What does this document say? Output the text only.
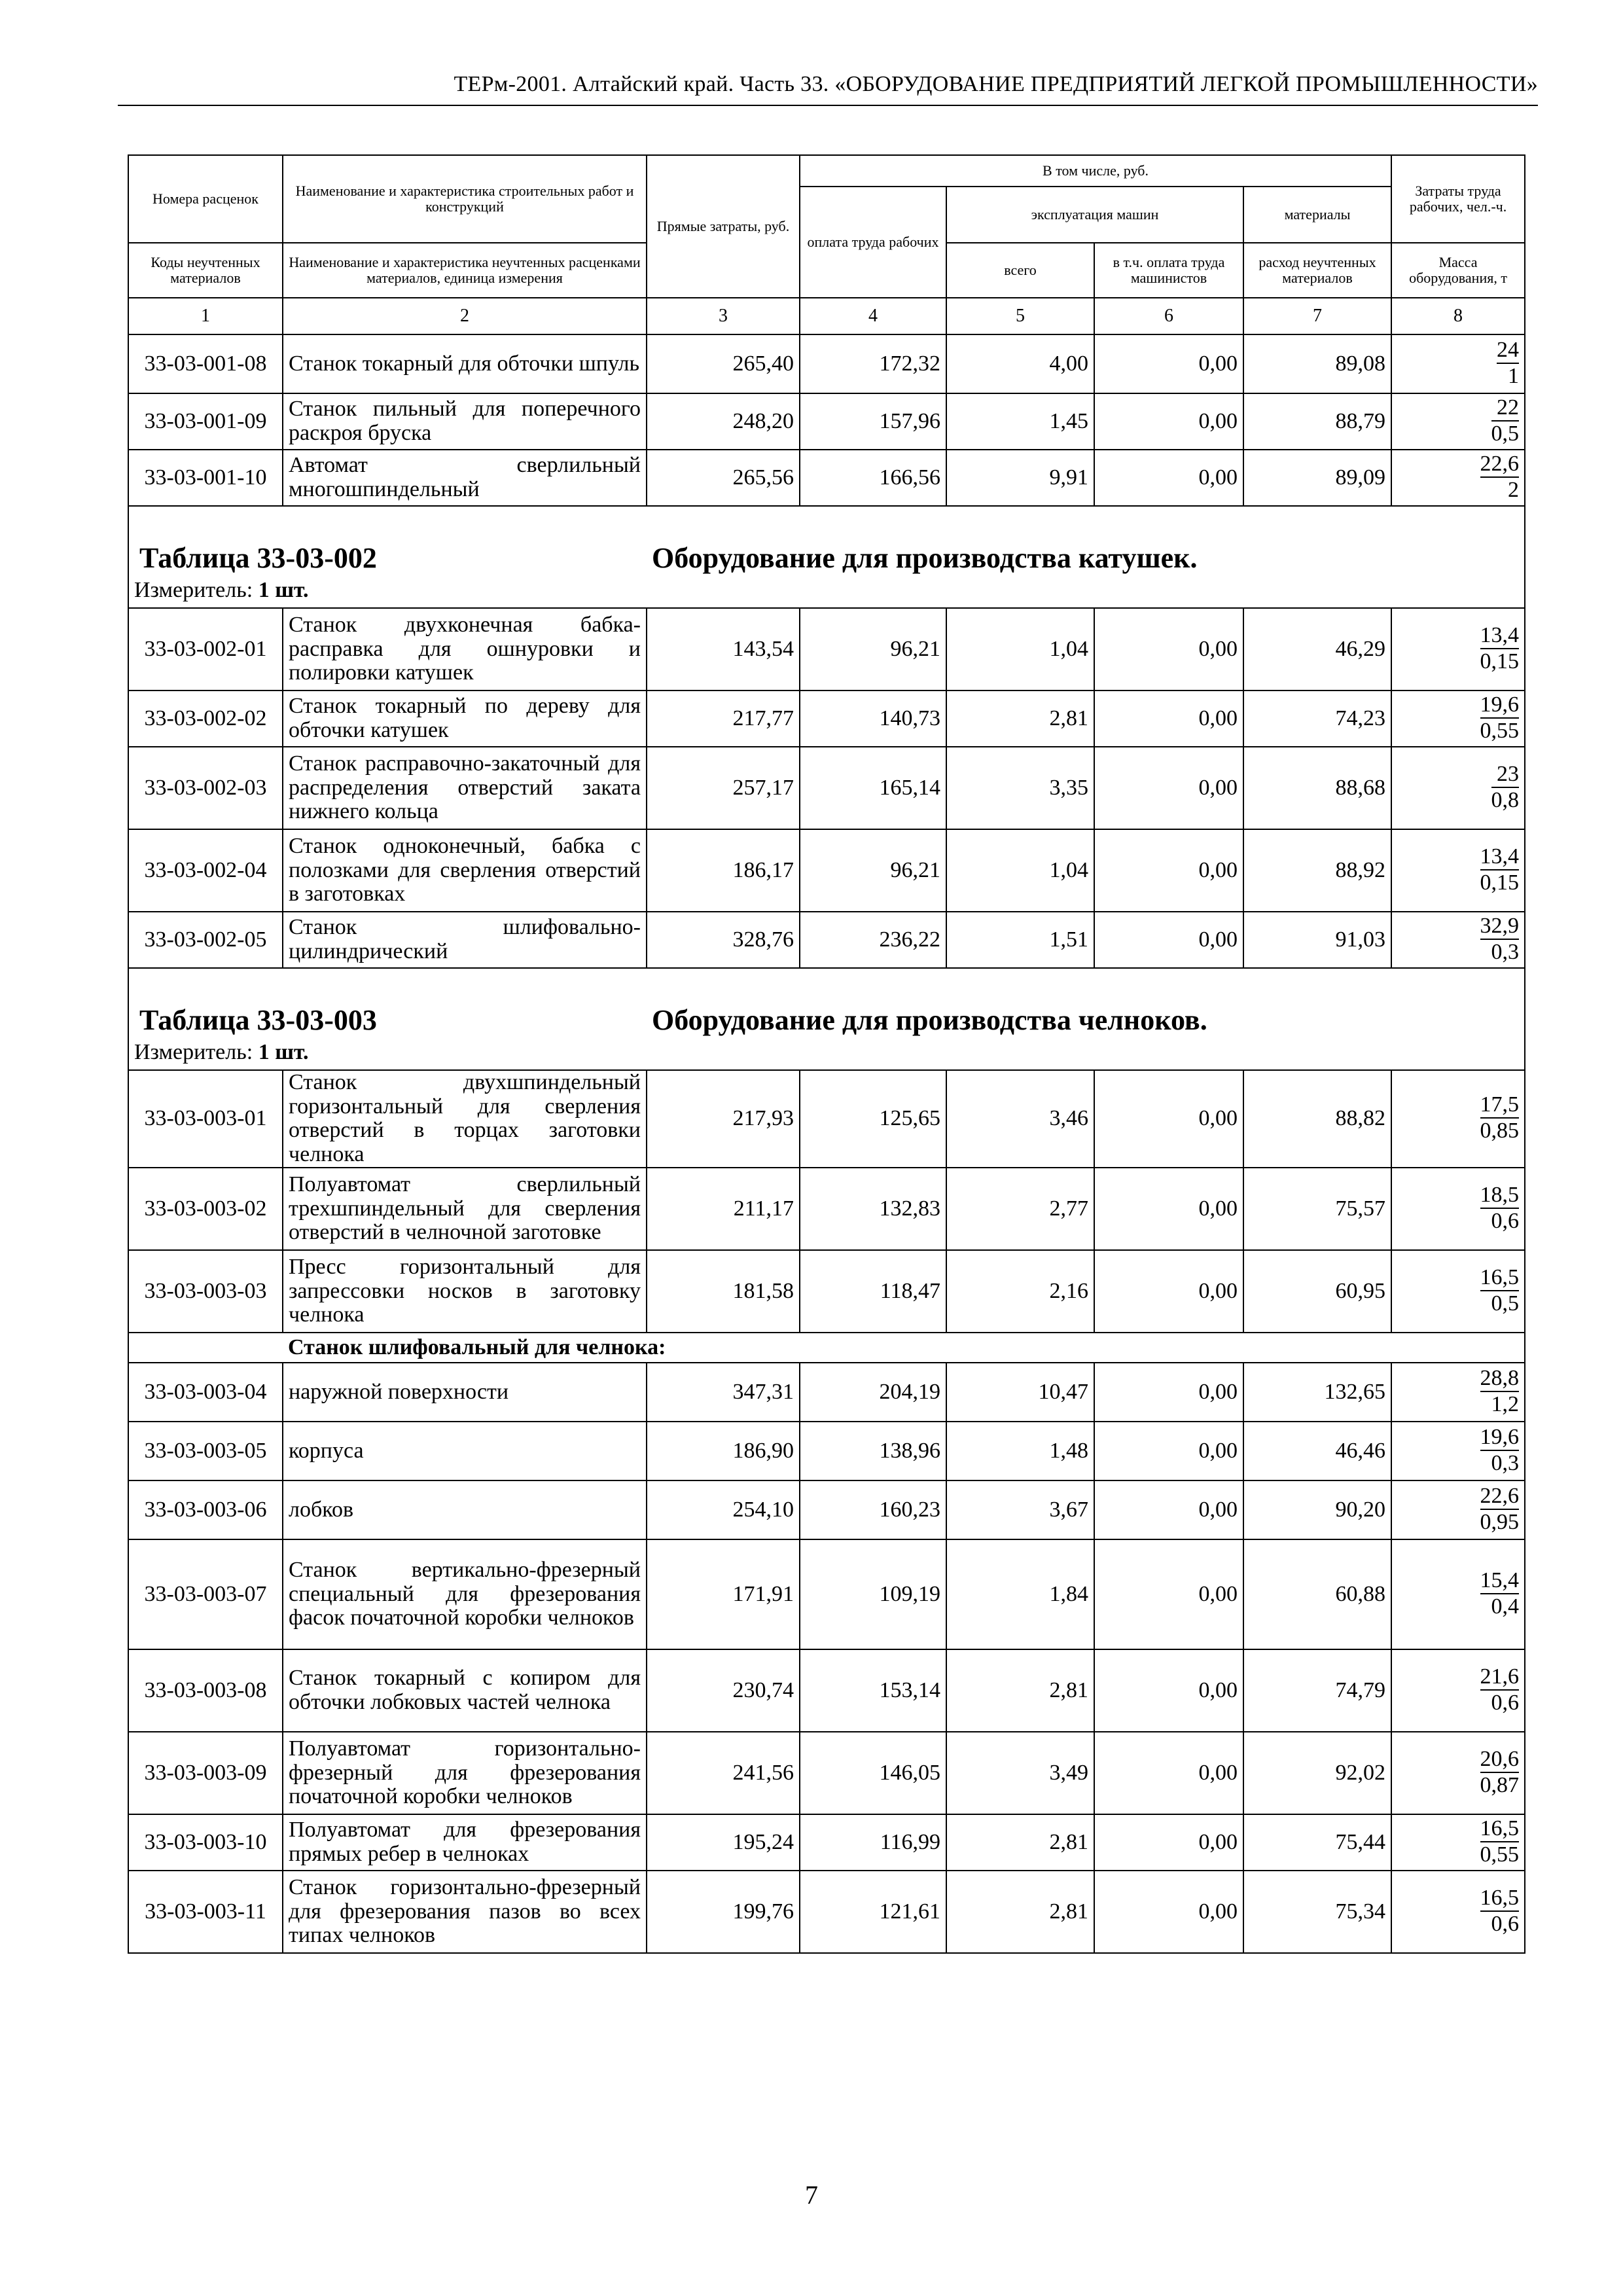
ТЕРм-2001. Алтайский край. Часть 33. «ОБОРУДОВАНИЕ ПРЕДПРИЯТИЙ ЛЕГКОЙ ПРОМЫШЛЕННОСТИ»
Номера расценок	Наименование и характеристика строительных работ и конструкций	Прямые затраты, руб.	В том числе, руб.				Затраты труда рабочих, чел.-ч.
			оплата труда рабочих	эксплуатация машин		материалы	
Коды неучтенных материалов	Наименование и характеристика неучтенных расценками материалов, единица измерения			всего	в т.ч. оплата труда машинистов	расход неучтенных материалов	Масса оборудования, т
1	2	3	4	5	6	7	8
33-03-001-08	Станок токарный для обточки шпуль	265,40	172,32	4,00	0,00	89,08	$\frac{24}{1}$

33-03-001-09	Станок пильный для поперечного раскроя бруска	248,20	157,96	1,45	0,00	88,79	$\frac{22}{0,5}$

33-03-001-10	Автомат сверлильный многошпиндельный	265,56	166,56	9,91	0,00	89,09	$\frac{22,6}{2}$

Таблица 33-03-002		Оборудование для производства катушек.					
Измеритель: 1 шт.							
33-03-002-01	Станок двухконечная бабка-расправка для ошнуровки и полировки катушек	143,54	96,21	1,04	0,00	46,29	$\frac{13,4}{0,15}$

33-03-002-02	Станок токарный по дереву для обточки катушек	217,77	140,73	2,81	0,00	74,23	$\frac{19,6}{0,55}$

33-03-002-03	Станок расправочно-закаточный для распределения отверстий заката нижнего кольца	257,17	165,14	3,35	0,00	88,68	$\frac{23}{0,8}$

33-03-002-04	Станок одноконечный, бабка с полозками для сверления отверстий в заготовках	186,17	96,21	1,04	0,00	88,92	$\frac{13,4}{0,15}$

33-03-002-05	Станок шлифовально-цилиндрический	328,76	236,22	1,51	0,00	91,03	$\frac{32,9}{0,3}$

Таблица 33-03-003		Оборудование для производства челноков.					
Измеритель: 1 шт.							
33-03-003-01	Станок двухшпиндельный горизонтальный для сверления отверстий в торцах заготовки челнока	217,93	125,65	3,46	0,00	88,82	$\frac{17,5}{0,85}$

33-03-003-02	Полуавтомат сверлильный трехшпиндельный для сверления отверстий в челночной заготовке	211,17	132,83	2,77	0,00	75,57	$\frac{18,5}{0,6}$

33-03-003-03	Пресс горизонтальный для запрессовки носков в заготовку челнока	181,58	118,47	2,16	0,00	60,95	$\frac{16,5}{0,5}$

	Станок шлифовальный для челнока:						
33-03-003-04	наружной поверхности	347,31	204,19	10,47	0,00	132,65	$\frac{28,8}{1,2}$

33-03-003-05	корпуса	186,90	138,96	1,48	0,00	46,46	$\frac{19,6}{0,3}$

33-03-003-06	лобков	254,10	160,23	3,67	0,00	90,20	$\frac{22,6}{0,95}$

33-03-003-07	Станок вертикально-фрезерный специальный для фрезерования фасок початочной коробки челноков	171,91	109,19	1,84	0,00	60,88	$\frac{15,4}{0,4}$

33-03-003-08	Станок токарный с копиром для обточки лобковых частей челнока	230,74	153,14	2,81	0,00	74,79	$\frac{21,6}{0,6}$

33-03-003-09	Полуавтомат горизонтально-фрезерный для фрезерования початочной коробки челноков	241,56	146,05	3,49	0,00	92,02	$\frac{20,6}{0,87}$

33-03-003-10	Полуавтомат для фрезерования прямых ребер в челноках	195,24	116,99	2,81	0,00	75,44	$\frac{16,5}{0,55}$

33-03-003-11	Станок горизонтально-фрезерный для фрезерования пазов во всех типах челноков	199,76	121,61	2,81	0,00	75,34	$\frac{16,5}{0,6}$
7
